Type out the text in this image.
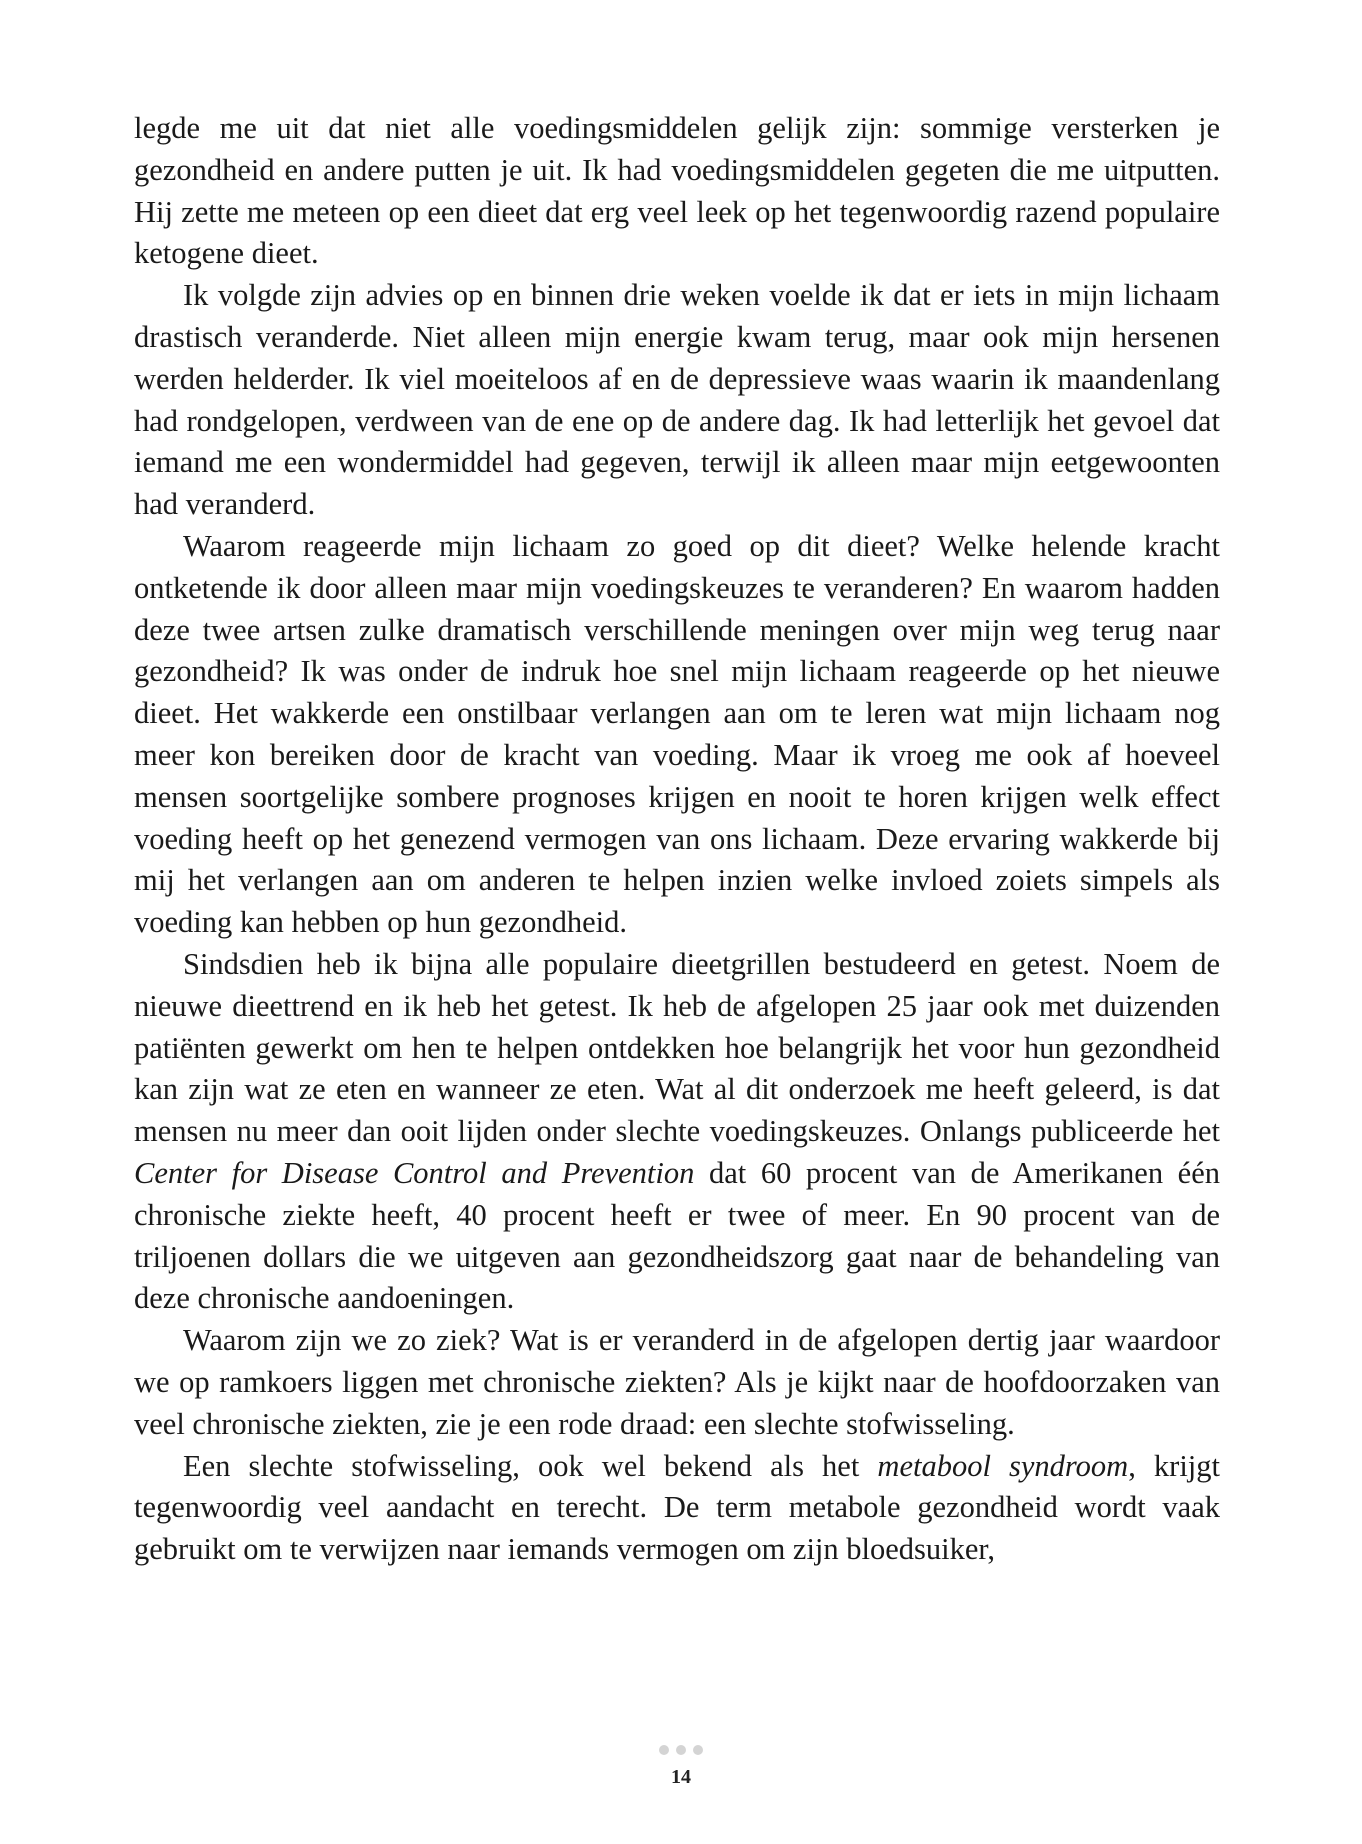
legde me uit dat niet alle voedingsmiddelen gelijk zijn: sommige versterken je gezondheid en andere putten je uit. Ik had voedingsmiddelen gegeten die me uitputten. Hij zette me meteen op een dieet dat erg veel leek op het tegenwoordig razend populaire ketogene dieet.

Ik volgde zijn advies op en binnen drie weken voelde ik dat er iets in mijn lichaam drastisch veranderde. Niet alleen mijn energie kwam terug, maar ook mijn hersenen werden helderder. Ik viel moeiteloos af en de depressieve waas waarin ik maandenlang had rondgelopen, verdween van de ene op de andere dag. Ik had letterlijk het gevoel dat iemand me een wondermiddel had gegeven, terwijl ik alleen maar mijn eetgewoonten had veranderd.

Waarom reageerde mijn lichaam zo goed op dit dieet? Welke helende kracht ontketende ik door alleen maar mijn voedingskeuzes te veranderen? En waarom hadden deze twee artsen zulke dramatisch verschillende meningen over mijn weg terug naar gezondheid? Ik was onder de indruk hoe snel mijn lichaam reageerde op het nieuwe dieet. Het wakkerde een onstilbaar verlangen aan om te leren wat mijn lichaam nog meer kon bereiken door de kracht van voeding. Maar ik vroeg me ook af hoeveel mensen soortgelijke sombere prognoses krijgen en nooit te horen krijgen welk effect voeding heeft op het genezend vermogen van ons lichaam. Deze ervaring wakkerde bij mij het verlangen aan om anderen te helpen inzien welke invloed zoiets simpels als voeding kan hebben op hun gezondheid.

Sindsdien heb ik bijna alle populaire dieetgrillen bestudeerd en getest. Noem de nieuwe dieettrend en ik heb het getest. Ik heb de afgelopen 25 jaar ook met duizenden patiënten gewerkt om hen te helpen ontdekken hoe belangrijk het voor hun gezondheid kan zijn wat ze eten en wanneer ze eten. Wat al dit onderzoek me heeft geleerd, is dat mensen nu meer dan ooit lijden onder slechte voedingskeuzes. Onlangs publiceerde het Center for Disease Control and Prevention dat 60 procent van de Amerikanen één chronische ziekte heeft, 40 procent heeft er twee of meer. En 90 procent van de triljoenen dollars die we uitgeven aan gezondheidszorg gaat naar de behandeling van deze chronische aandoeningen.

Waarom zijn we zo ziek? Wat is er veranderd in de afgelopen dertig jaar waardoor we op ramkoers liggen met chronische ziekten? Als je kijkt naar de hoofdoorzaken van veel chronische ziekten, zie je een rode draad: een slechte stofwisseling.

Een slechte stofwisseling, ook wel bekend als het metabool syndroom, krijgt tegenwoordig veel aandacht en terecht. De term metabole gezondheid wordt vaak gebruikt om te verwijzen naar iemands vermogen om zijn bloedsuiker,

14
